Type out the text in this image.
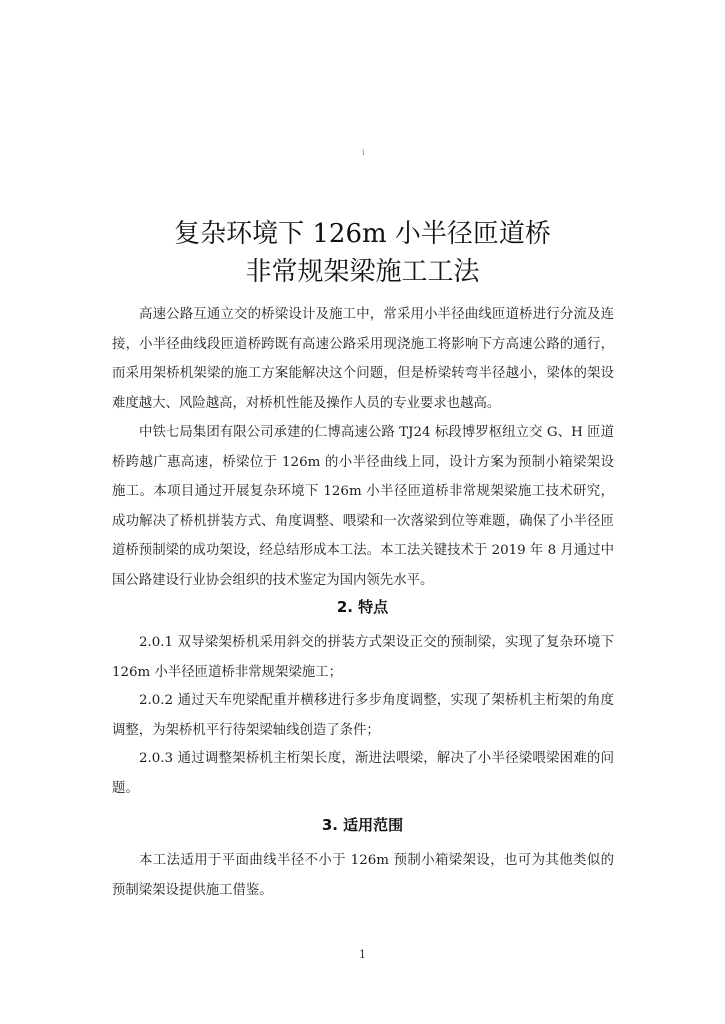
i
复杂环境下 126m 小半径匝道桥
非常规架梁施工工法

高速公路互通立交的桥梁设计及施工中，常采用小半径曲线匝道桥进行分流及连接，小半径曲线段匝道桥跨既有高速公路采用现浇施工将影响下方高速公路的通行，而采用架桥机架梁的施工方案能解决这个问题，但是桥梁转弯半径越小，梁体的架设难度越大、风险越高，对桥机性能及操作人员的专业要求也越高。

中铁七局集团有限公司承建的仁博高速公路 TJ24 标段博罗枢纽立交 G、H 匝道桥跨越广惠高速，桥梁位于 126m 的小半径曲线上同，设计方案为预制小箱梁架设施工。本项目通过开展复杂环境下 126m 小半径匝道桥非常规架梁施工技术研究，成功解决了桥机拼装方式、角度调整、喂梁和一次落梁到位等难题，确保了小半径匝道桥预制梁的成功架设，经总结形成本工法。本工法关键技术于 2019 年 8 月通过中国公路建设行业协会组织的技术鉴定为国内领先水平。

2. 特点

2.0.1 双导梁架桥机采用斜交的拼装方式架设正交的预制梁，实现了复杂环境下 126m 小半径匝道桥非常规架梁施工；

2.0.2 通过天车兜梁配重并横移进行多步角度调整，实现了架桥机主桁架的角度调整，为架桥机平行待架梁轴线创造了条件；

2.0.3 通过调整架桥机主桁架长度，渐进法喂梁，解决了小半径梁喂梁困难的问题。

3. 适用范围

本工法适用于平面曲线半径不小于 126m 预制小箱梁架设，也可为其他类似的预制梁架设提供施工借鉴。

1
